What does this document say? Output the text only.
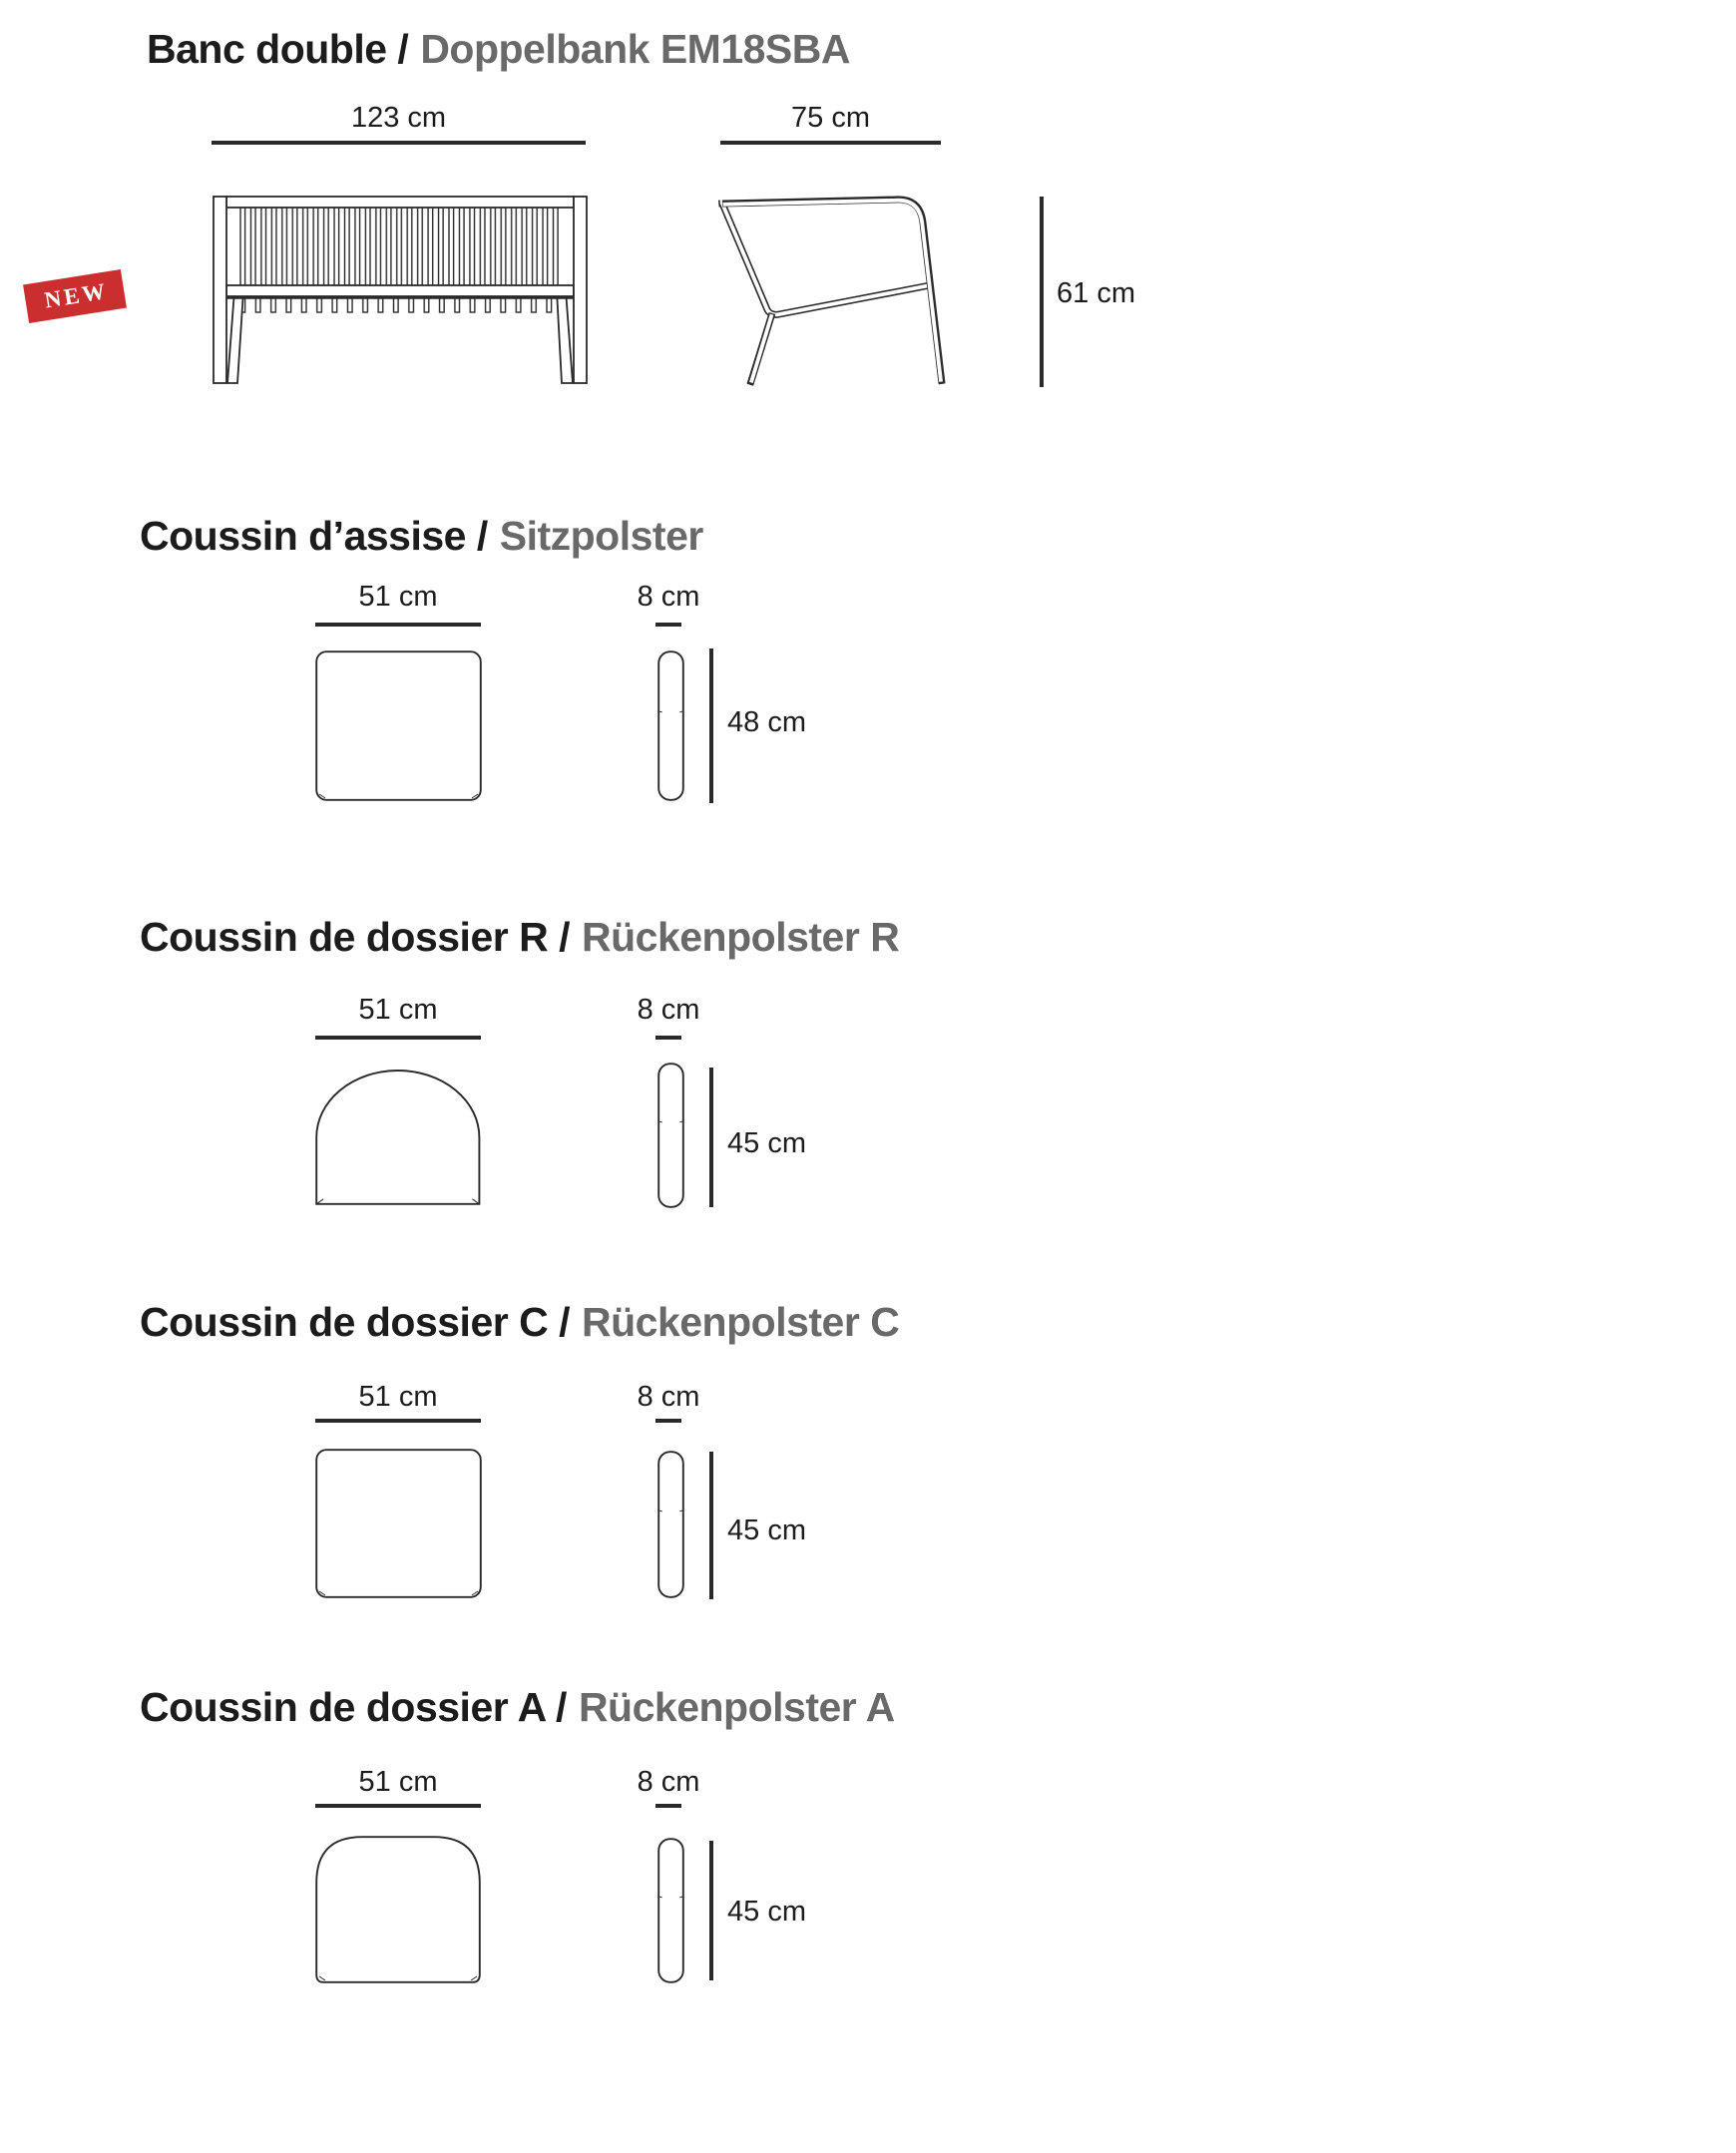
Banc double / Doppelbank EM18SBA
NEW
123 cm	75 cm
61 cm
Coussin d’assise / Sitzpolster
51 cm	8 cm
48 cm
Coussin de dossier R / Rückenpolster R
51 cm	8 cm
45 cm
Coussin de dossier C / Rückenpolster C
51 cm	8 cm
45 cm
Coussin de dossier A / Rückenpolster A
51 cm	8 cm
45 cm
